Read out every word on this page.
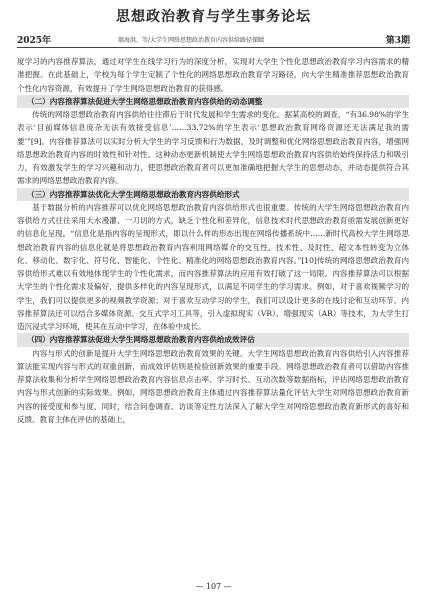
思想政治教育与学生事务论坛
2025年	郝海洪，等/大学生网络思想政治教育内容供给路径探赜	第3期

度学习的内容推荐算法，通过对学生在线学习行为的深度分析，实现对大学生个性化思想政治教育学习内容需求的精准把握。在此基础上，学校为每个学生定制了个性化的网络思想政治教育学习路径，向大学生精准推荐思想政治教育个性化内容资源，有效提升了学生网络思想政治教育的获得感。

（二）内容推荐算法促进大学生网络思想政治教育内容供给的动态调整

传统的网络思想政治教育内容供给往往滞后于时代发展和学生需求的变化。据某高校的调查，“有36.98%的学生表示‘目前媒体信息庞杂无法有效接受信息’……33.72%的学生表示‘思想政治教育网络资源还无法满足我的需要’”[9]。内容推荐算法可以实时分析大学生的学习反馈和行为数据，及时调整和优化网络思想政治教育内容，增强网络思想政治教育内容的时效性和针对性。这种动态更新机制使大学生网络思想政治教育内容供给始终保持活力和吸引力，有效激发学生的学习兴趣和动力，使思想政治教育者可以更加准确地把握大学生的思想动态，并动态提供符合其需求的网络思想政治教育内容。

（三）内容推荐算法优化大学生网络思想政治教育内容供给形式

基于数据分析的内容推荐可以优化网络思想政治教育内容供给形式也很重要。传统的大学生网络思想政治教育内容供给方式往往采用大水漫灌、一刀切的方式，缺乏个性化和差异化，信息技术时代思想政治教育亟需发展创新更好的信息化呈现。“信息化是指内容的呈现形式，即以什么样的形态出现在网络传播系统中……新时代高校大学生网络思想政治教育内容的信息化就是将思想政治教育内容利用网络媒介的交互性、技术性、及时性、超文本性转变为立体化、移动化、数字化、符号化、智能化、个性化、精准化的网络思想政治教育内容。”[10]传统的网络思想政治教育内容供给形式难以有效地体现学生的个性化需求，而内容推荐算法的应用有效打破了这一局限。内容推荐算法可以根据大学生的个性化需求及偏好，提供多样化的内容呈现形式，以满足不同学生的学习需求。例如，对于喜欢视频学习的学生，我们可以提供更多的视频教学资源；对于喜欢互动学习的学生，我们可以设计更多的在线讨论和互动环节。内容推荐算法还可以结合多媒体资源、交互式学习工具等，引入虚拟现实（VR）、增强现实（AR）等技术，为大学生打造沉浸式学习环境，使其在互动中学习，在体验中成长。

（四）内容推荐算法促进大学生网络思想政治教育内容供给成效评估

内容与形式的创新是提升大学生网络思想政治教育效果的关键。大学生网络思想政治教育内容供给引入内容推荐算法能实现内容与形式的双重创新，而成效评估则是检验创新效果的重要手段。网络思想政治教育者可以借助内容推荐算法收集和分析学生网络思想政治教育内容信息点击率、学习时长、互动次数等数据指标，评估网络思想政治教育内容与形式创新的实际效果。例如，网络思想政治教育主体通过内容推荐算法量化评估大学生对网络思想政治教育新内容的接受度和参与度，同时，结合问卷调查、访谈等定性方法深入了解大学生对网络思想政治教育新形式的喜好和反馈。教育主体在评估的基础上，

— 107 —
